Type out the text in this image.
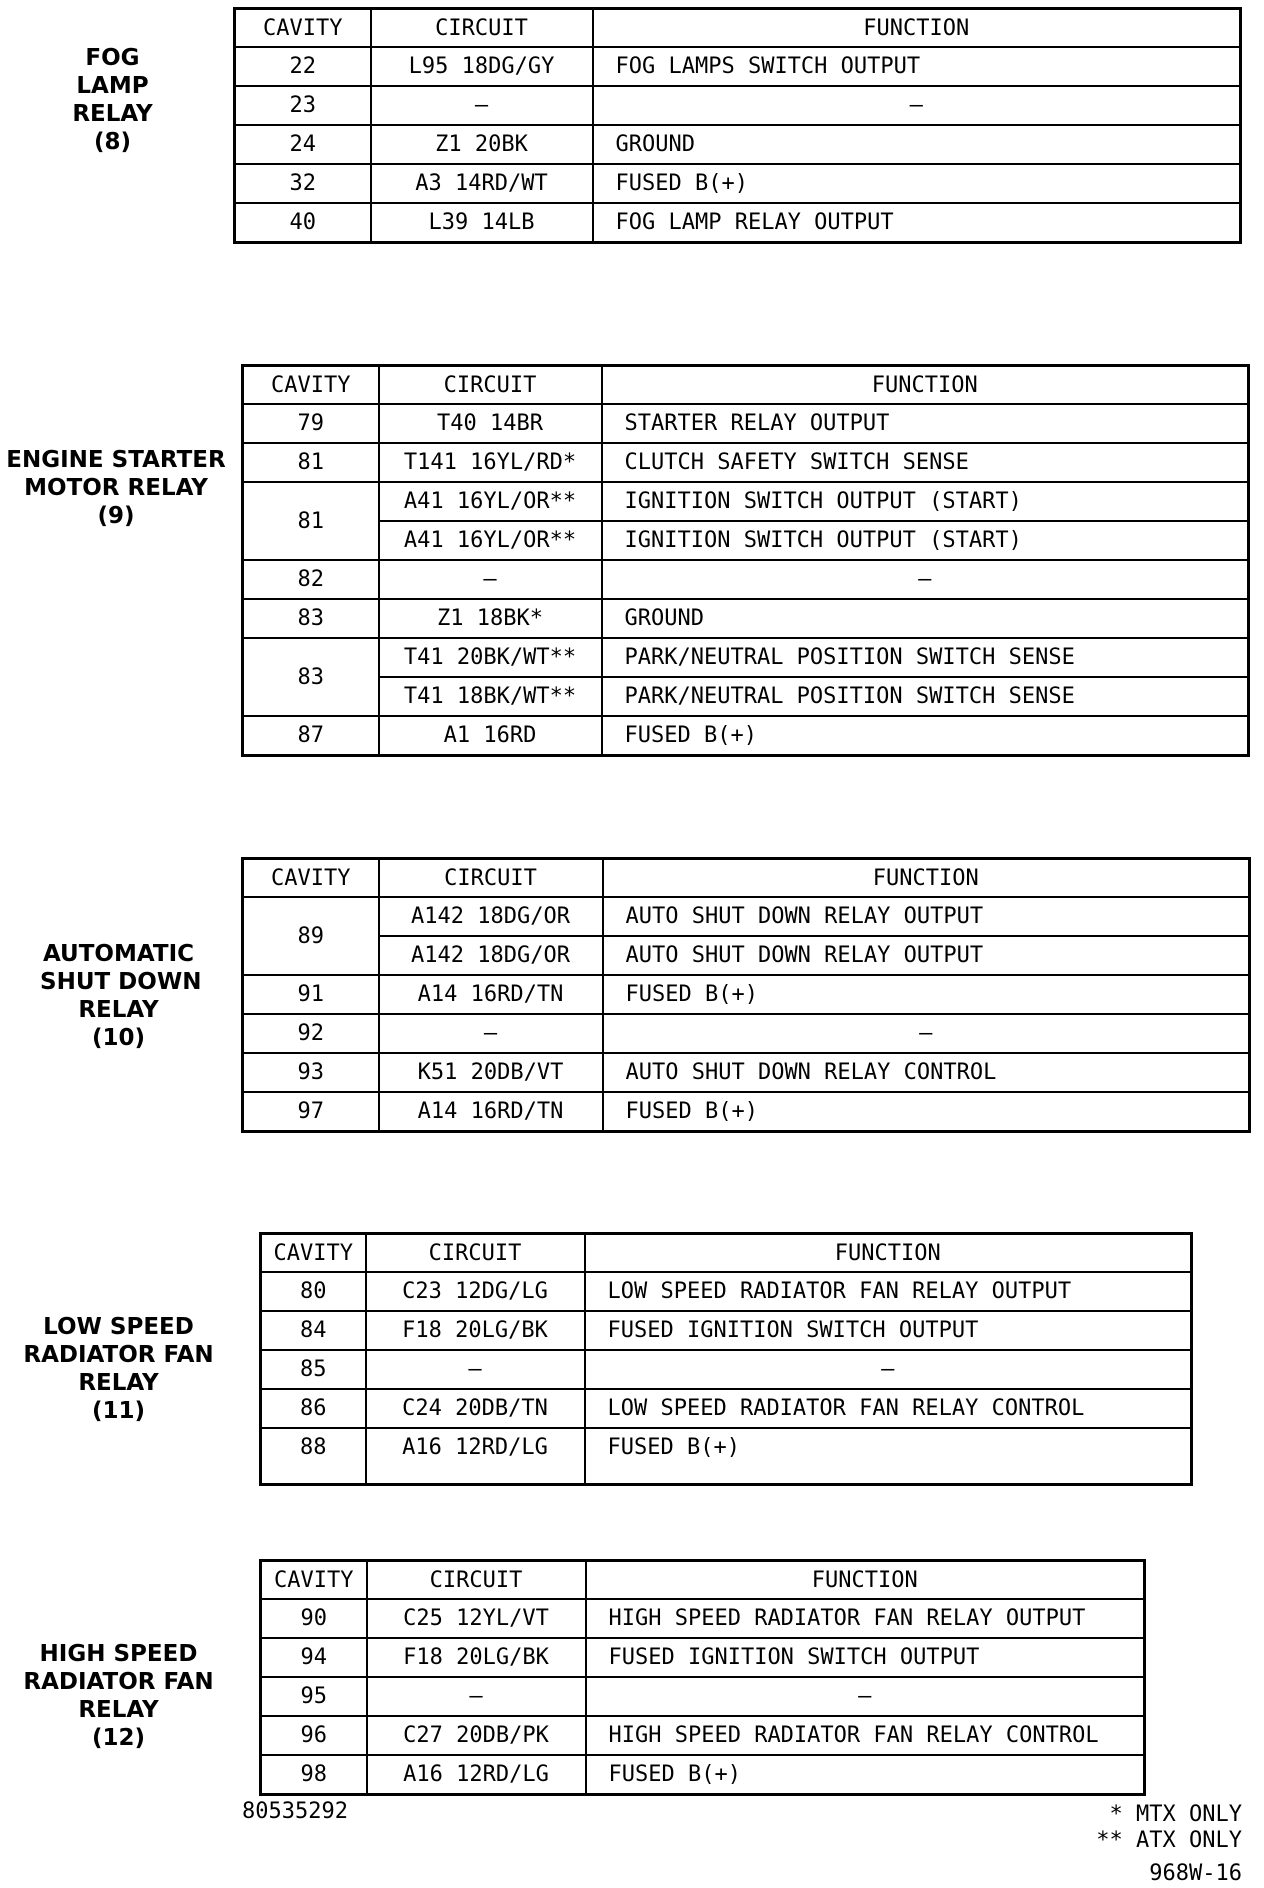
FOG
LAMP
RELAY
(8)
CAVITY	CIRCUIT	FUNCTION
22	L95 18DG/GY	FOG LAMPS SWITCH OUTPUT
23	–	–
24	Z1 20BK	GROUND
32	A3 14RD/WT	FUSED B(+)
40	L39 14LB	FOG LAMP RELAY OUTPUT
ENGINE STARTER
MOTOR RELAY
(9)
CAVITY	CIRCUIT	FUNCTION
79	T40 14BR	STARTER RELAY OUTPUT
81	T141 16YL/RD*	CLUTCH SAFETY SWITCH SENSE
81	A41 16YL/OR**	IGNITION SWITCH OUTPUT (START)
	A41 16YL/OR**	IGNITION SWITCH OUTPUT (START)
82	–	–
83	Z1 18BK*	GROUND
83	T41 20BK/WT**	PARK/NEUTRAL POSITION SWITCH SENSE
	T41 18BK/WT**	PARK/NEUTRAL POSITION SWITCH SENSE
87	A1 16RD	FUSED B(+)
AUTOMATIC
SHUT DOWN
RELAY
(10)
CAVITY	CIRCUIT	FUNCTION
89	A142 18DG/OR	AUTO SHUT DOWN RELAY OUTPUT
	A142 18DG/OR	AUTO SHUT DOWN RELAY OUTPUT
91	A14 16RD/TN	FUSED B(+)
92	–	–
93	K51 20DB/VT	AUTO SHUT DOWN RELAY CONTROL
97	A14 16RD/TN	FUSED B(+)
LOW SPEED
RADIATOR FAN
RELAY
(11)
CAVITY	CIRCUIT	FUNCTION
80	C23 12DG/LG	LOW SPEED RADIATOR FAN RELAY OUTPUT
84	F18 20LG/BK	FUSED IGNITION SWITCH OUTPUT
85	–	–
86	C24 20DB/TN	LOW SPEED RADIATOR FAN RELAY CONTROL
88	A16 12RD/LG	FUSED B(+)
HIGH SPEED
RADIATOR FAN
RELAY
(12)
CAVITY	CIRCUIT	FUNCTION
90	C25 12YL/VT	HIGH SPEED RADIATOR FAN RELAY OUTPUT
94	F18 20LG/BK	FUSED IGNITION SWITCH OUTPUT
95	–	–
96	C27 20DB/PK	HIGH SPEED RADIATOR FAN RELAY CONTROL
98	A16 12RD/LG	FUSED B(+)
80535292	* MTX ONLY
** ATX ONLY
968W-16
